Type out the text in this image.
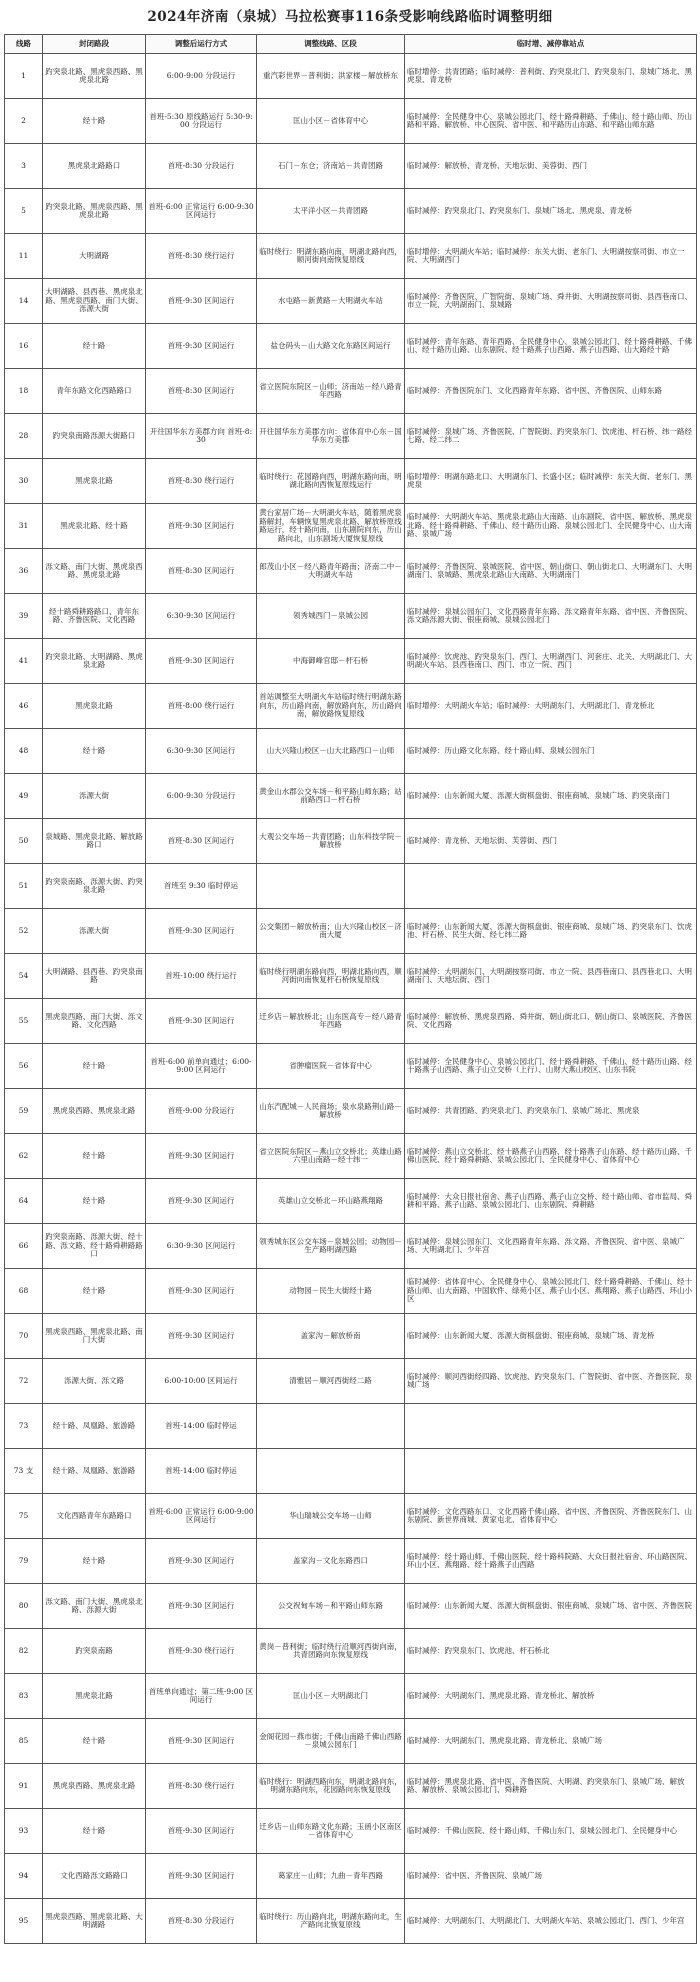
2024年济南（泉城）马拉松赛事116条受影响线路临时调整明细
线路	封闭路段	调整后运行方式	调整线路、区段	临时增、减停靠站点
1	趵突泉北路、黑虎泉西路、黑虎泉北路	6:00-9:00 分段运行	重汽彩世界－普利街；洪家楼－解放桥东	临时增停：共青团路；临时减停：普利街、趵突泉北门、趵突泉东门、泉城广场北、黑虎泉、青龙桥
2	经十路	首班-5:30 原线路运行 5:30-9:00 分段运行	匡山小区－省体育中心	临时减停：全民健身中心、泉城公园北门、经十路舜耕路、千佛山、经十路山师、历山路和平路、解放桥、中心医院、省中医、和平路历山东路、和平路山师东路
3	黑虎泉北路路口	首班-8:30 分段运行	石门－东仓；济南站－共青团路	临时减停：解放桥、青龙桥、天地坛街、美蓉街、西门
5	趵突泉北路、黑虎泉西路、黑虎泉北路	首班-6:00 正常运行 6:00-9:30 区间运行	太平洋小区－共青团路	临时减停：趵突泉北门、趵突泉东门、泉城广场北、黑虎泉、青龙桥
11	大明湖路	首班-8:30 绕行运行	临时绕行：明湖东路向南，明湖北路向西，顺河街向南恢复原线	临时增停：大明湖火车站；临时减停：东关大街、老东门、大明湖按察司街、市立一院、大明湖西门
14	大明湖路、县西巷、黑虎泉北路、黑虎泉西路、南门大街、泺源大街	首班-9:30 区间运行	水屯路－新黄路－大明湖火车站	临时减停：齐鲁医院、广智院街、泉城广场、舜井街、大明湖按察司街、县西巷南口、市立一院、大明湖南门、泉城路
16	经十路	首班-9:30 区间运行	盐仓码头－山大路文化东路区间运行	临时减停：青年东路、青年西路、全民健身中心、泉城公园北门、经十路舜耕路、千佛山、经十路历山路、山东剧院、经十路燕子山西路、燕子山西路、山大路经十路
18	青年东路文化西路路口	首班-8:30 区间运行	省立医院东院区－山师；济南站－经八路青年西路	临时减停：齐鲁医院东门、文化西路青年东路、省中医、齐鲁医院、山师东路
28	趵突泉南路泺源大街路口	开往国华东方美郡方向 首班-8:30	开往国华东方美郡方向：省体育中心东－国华东方美郡	临时减停：泉城广场、齐鲁医院、广智院街、趵突泉东门、饮虎池、杆石桥、纬一路经七路、经二纬二
30	黑虎泉北路	首班-8:30 绕行运行	临时绕行：花园路向西，明湖东路向南，明湖北路向西恢复原线运行	临时增停：明湖东路北口、大明湖东门、长盛小区；临时减停：东关大街、老东门、黑虎泉
31	黑虎泉北路、经十路	首班-9:30 区间运行	黄台家居广场－大明湖火车站，随着黑虎泉路解封，车辆恢复黑虎泉北路、解放桥原线路运行，经十路向南，山东剧院向东，历山路向北，山东剧场大厦恢复原线	临时减停：大明湖火车站、黑虎泉北路山大南路、山东剧院、省中医、解放桥、黑虎泉北路、经十路舜耕路、千佛山、经十路历山路、泉城公园北门、全民健身中心、山大南路、泉城广场
36	泺文路、南门大街、黑虎泉西路、黑虎泉北路	首班-8:30 区间运行	郎茂山小区－经八路青年路南；济南二中－大明湖火车站	临时减停：齐鲁医院、泉城医院、省中医、朝山街口、朝山街北口、大明湖东门、大明湖南门、泉城路、黑虎泉北路山大南路、大明湖南门
39	经十路舜耕路路口、青年东路、齐鲁医院、文化西路	6:30-9:30 区间运行	领秀城西门－泉城公园	临时减停：泉城公园东门、文化西路青年东路、泺文路青年东路、省中医、齐鲁医院、泺文路泺源大街、银座商城、泉城公园北门
41	趵突泉北路、大明湖路、黑虎泉北路	首班-9:30 区间运行	中海御峰官邸－杆石桥	临时减停：饮虎池、趵突泉东门、西门、大明湖西门、河套庄、北关、大明湖北门、大明湖火车站、县西巷南口、西门、市立一院、西门
46	黑虎泉北路	首班-8:00 绕行运行	首站调整至大明湖火车站临时绕行明湖东路向东，历山路向南，解放路向东，历山路向南，解放路恢复原线	临时增停：大明湖火车站；临时减停：大明湖东门、大明湖北门、青龙桥北
48	经十路	6:30-9:30 区间运行	山大兴隆山校区－山大北路西口－山师	临时减停：历山路文化东路、经十路山师、泉城公园东门
49	泺源大街	6:00-9:30 分段运行	黄金山水郡公交车场－和平路山师东路；站前路西口－杆石桥	临时减停：山东新闻大厦、泺源大街棋盘街、银座商城、泉城广场、趵突泉南门
50	泉城路、黑虎泉北路、解放路路口	首班-8:30 区间运行	大观公交车场－共青团路；山东科技学院－解放桥	临时减停：青龙桥、天地坛街、芙蓉街、西门
51	趵突泉南路、泺源大街、趵突泉北路	首班至 9:30 临时停运		
52	泺源大街	首班-9:30 区间运行	公交集团－解放桥南；山大兴隆山校区－济南大厦	临时减停：山东新闻大厦、泺源大街棋盘街、银座商城、泉城广场、趵突泉东门、饮虎池、杆石桥、民生大街、经七纬二路
54	大明湖路、县西巷、趵突泉南路	首班-10:00 绕行运行	临时绕行明湖东路向西，明湖北路向西，顺河街向南恢复杆石桥恢复原线	临时减停：大明湖东门、大明湖按察司街、市立一院、县西巷南口、县西巷北口、大明湖南门、天地坛街、西门
55	黑虎泉西路、南门大街、泺文路、文化西路	首班-9:30 区间运行	迁乡店－解放桥北；山东医高专－经八路青年西路	临时减停：解放桥、黑虎泉西路、舜井街、朝山街北口、朝山街口、泉城医院、齐鲁医院、文化西路
56	经十路	首班-6:00 前单向通过；6:00-9:00 区间运行	省肿瘤医院－省体育中心	临时减停：全民健身中心、泉城公园北门、经十路舜耕路、千佛山、经十路历山路、经十路燕子山西路、燕子山立交桥（上行）、山财大燕山校区、山东书院
59	黑虎泉西路、黑虎泉北路	首班-9:00 分段运行	山东汽配城－人民商场；泉水泉路荆山路－解放桥	临时减停：共青团路、趵突泉北门、趵突泉东门、泉城广场北、黑虎泉
62	经十路	首班-9:30 区间运行	省立医院东院区－燕山立交桥北；英雄山路六里山南路－经十纬一	临时减停：燕山立交桥北、经十路燕子山西路、经十路燕子山东路、经十路历山路、千佛山医院、经十路舜耕路、泉城公园北门、全民健身中心、省体育中心
64	经十路	首班-9:30 区间运行	英雄山立交桥北－环山路燕翔路	临时减停：大众日报社宿舍、燕子山西路、燕子山立交桥、经十路山师、省市监局、舜耕和平路、燕子山路、泉城公园北门、山东剧院、舜耕路
66	趵突泉南路、泺源大街、经十路、泺文路、经十路舜耕路路口	6:30-9:30 区间运行	领秀城东区公交车场－泉城公园；动物园－生产路明湖西路	临时减停：泉城公园东门、文化西路青年东路、泺文路、齐鲁医院、省中医、泉城广场、大明湖北门、少年宫
68	经十路	首班-9:30 区间运行	动物园－民生大街经十路	临时减停：省体育中心、全民健身中心、泉城公园北门、经十路舜耕路、千佛山、经十路山师、山大南路、中国软件、绿苑小区、燕子山小区、燕翔路、燕子山路西、环山小区
70	黑虎泉西路、黑虎泉北路、南门大街	首班-9:30 区间运行	盖家沟－解放桥南	临时减停：山东新闻大厦、泺源大街棋盘街、银座商城、泉城广场、青龙桥
72	泺源大街、泺文路	6:00-10:00 区间运行	清雅居－顺河西街经二路	临时减停：顺河西街经四路、饮虎池、趵突泉东门、广智院街、省中医、齐鲁医院、泉城广场
73	经十路、凤凰路、旅游路	首班-14:00 临时停运		
73 支	经十路、凤凰路、旅游路	首班-14:00 临时停运		
75	文化西路青年东路路口	首班-6:00 正常运行 6:00-9:00 区间运行	华山瑞城公交车场－山师	临时减停：文化西路东口、文化西路千佛山路、省中医、齐鲁医院、齐鲁医院东门、山东剧院、新世界商城、黄家屯北、省体育中心
79	经十路	首班-9:30 区间运行	盖家沟－文化东路西口	临时减停：经十路山师、千佛山医院、经十路科院路、大众日报社宿舍、环山路医院、环山小区、燕翔路、经十路燕子山西路
80	泺文路、南门大街、黑虎泉北路、泺源大街	首班-9:30 区间运行	公交祝甸车场－和平路山师东路	临时减停：山东新闻大厦、泺源大街棋盘街、银座商城、泉城广场、省中医、齐鲁医院
82	趵突泉南路	首班-9:30 绕行运行	黄岗－普利街；临时绕行沿顺河西街向南，共青团路向东恢复原线	临时减停：趵突泉东门、饮虎池、杆石桥北
83	黑虎泉北路	首班单向通过；第二班-9:00 区间运行	匡山小区－大明湖北门	临时减停：大明湖东门、黑虎泉北路、青龙桥北、解放桥
85	经十路	首班-9:30 区间运行	金阁花园－燕市街；千佛山南路千佛山西路－泉城公园东门	临时减停：大明湖东门、黑虎泉北路、青龙桥北、泉城广场
91	黑虎泉西路、黑虎泉北路	首班-8:30 绕行运行	临时绕行：明湖西路向东，明湖北路向东，明湖东路向东，花园路向东恢复原线	临时减停：黑虎泉北路、省中医、齐鲁医院、大明湖、趵突泉东门、泉城广场、解放路、解放桥、泉城公园北门、舜耕路
93	经十路	首班-9:30 区间运行	迁乡店－山师东路文化东路；玉函小区南区－省体育中心	临时减停：千佛山医院、经十路山师、千佛山东门、泉城公园北门、全民健身中心
94	文化西路泺文路路口	首班-9:30 区间运行	葛家庄－山师；九曲－青年西路	临时减停：省中医、齐鲁医院、泉城广场
95	黑虎泉西路、黑虎泉北路、大明湖路	首班-8:30 分段运行	临时绕行：历山路向北，明湖东路向北，生产路向北恢复原线	临时减停：大明湖东门、大明湖北门、大明湖火车站、泉城公园北门、西门、少年宫
